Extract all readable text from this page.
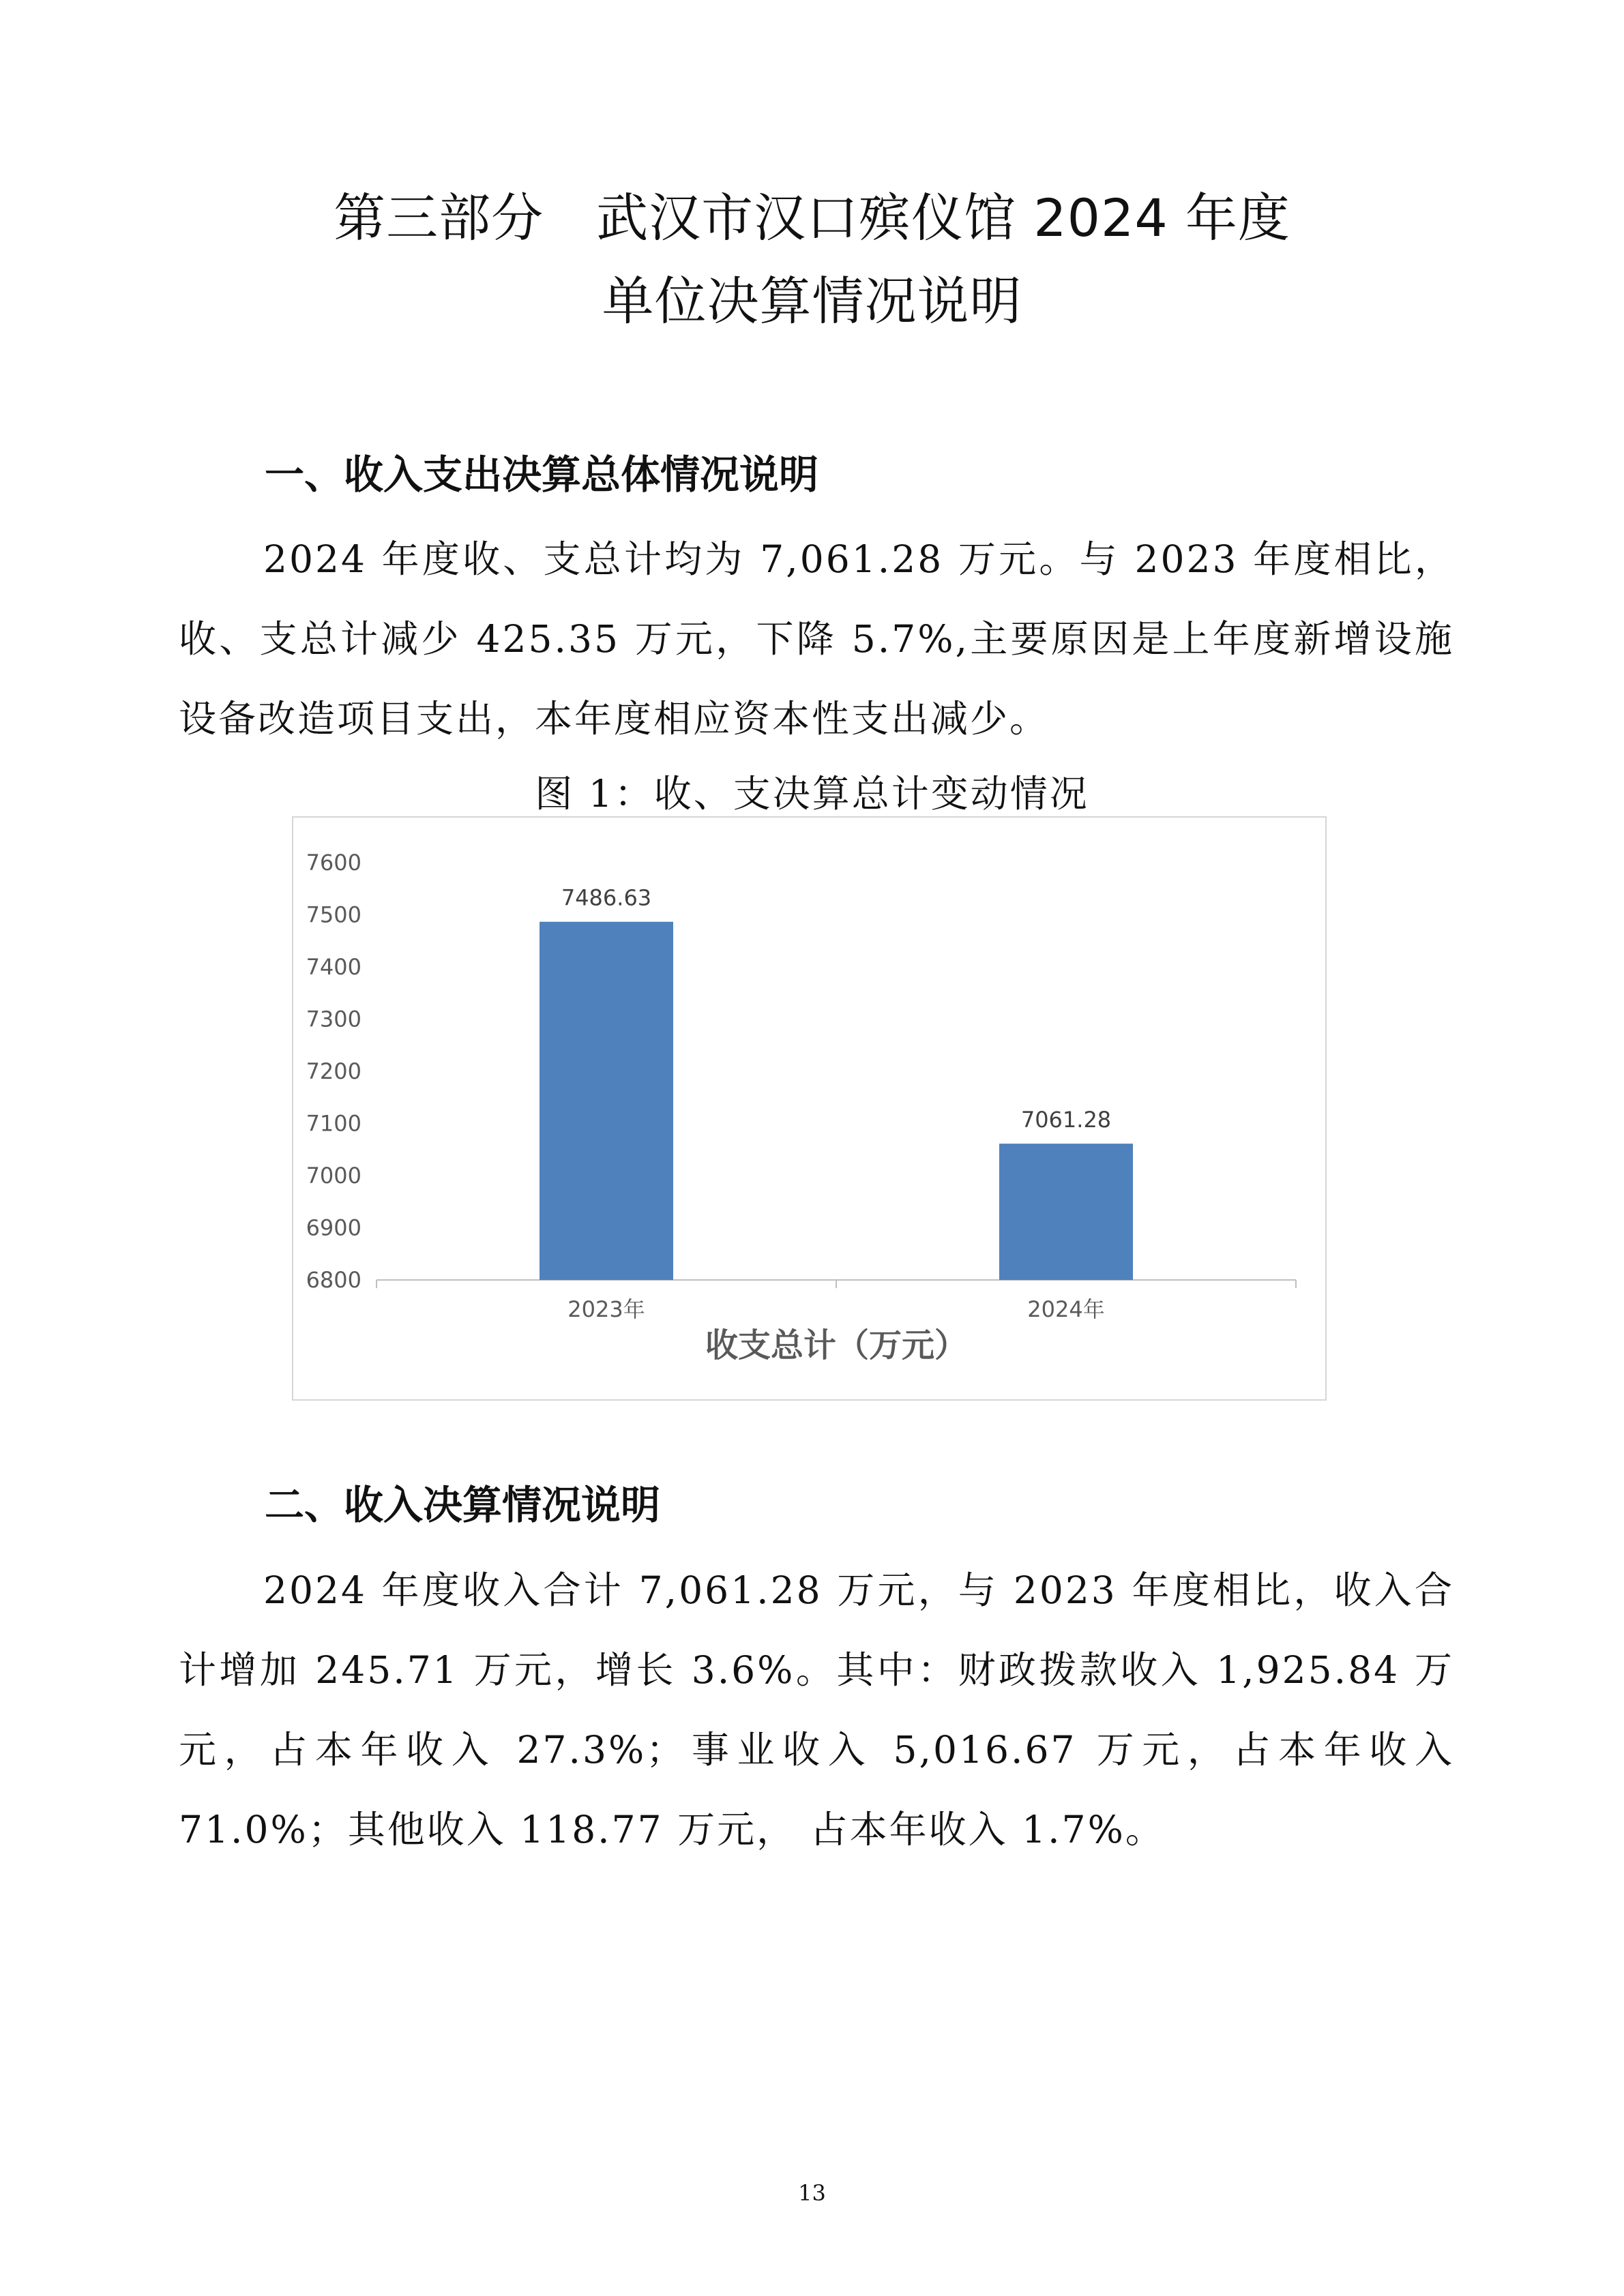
第三部分　武汉市汉口殡仪馆 2024 年度
单位决算情况说明
一、收入支出决算总体情况说明

2024 年度收、支总计均为 7,061.28 万元。与 2023 年度相比，收、支总计减少 425.35 万元，下降 5.7%,主要原因是上年度新增设施设备改造项目支出，本年度相应资本性支出减少。

图 1：收、支决算总计变动情况
6800
6900
7000
7100
7200
7300
7400
7500
7600
7486.63
7061.28
2023年	2024年
收支总计（万元）
二、收入决算情况说明

2024 年度收入合计 7,061.28 万元，与 2023 年度相比，收入合计增加 245.71 万元，增长 3.6%。其中：财政拨款收入 1,925.84 万元，占本年收入 27.3%；事业收入 5,016.67 万元，占本年收入 71.0%；其他收入 118.77 万元， 占本年收入 1.7%。

13
